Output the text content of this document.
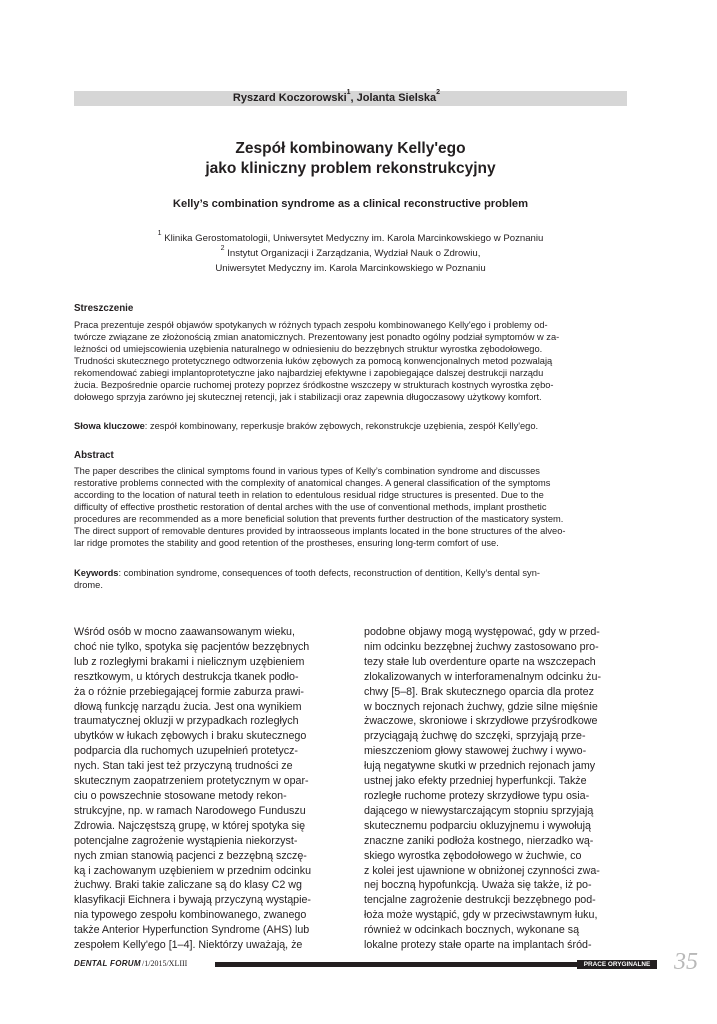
Ryszard Koczorowski$^1$, Jolanta Sielska$^2$
Zespół kombinowany Kelly'ego
jako kliniczny problem rekonstrukcyjny
Kelly’s combination syndrome as a clinical reconstructive problem
$^1$ Klinika Gerostomatologii, Uniwersytet Medyczny im. Karola Marcinkowskiego w Poznaniu
$^2$ Instytut Organizacji i Zarządzania, Wydział Nauk o Zdrowiu,
Uniwersytet Medyczny im. Karola Marcinkowskiego w Poznaniu
Streszczenie
Praca prezentuje zespół objawów spotykanych w różnych typach zespołu kombinowanego Kelly'ego i problemy od-
twórcze związane ze złożonością zmian anatomicznych. Prezentowany jest ponadto ogólny podział symptomów w za-
leżności od umiejscowienia uzębienia naturalnego w odniesieniu do bezzębnych struktur wyrostka zębodołowego.
Trudności skutecznego protetycznego odtworzenia łuków zębowych za pomocą konwencjonalnych metod pozwalają
rekomendować zabiegi implantoprotetyczne jako najbardziej efektywne i zapobiegające dalszej destrukcji narządu
żucia. Bezpośrednie oparcie ruchomej protezy poprzez śródkostne wszczepy w strukturach kostnych wyrostka zębo-
dołowego sprzyja zarówno jej skutecznej retencji, jak i stabilizacji oraz zapewnia długoczasowy użytkowy komfort.
Słowa kluczowe: zespół kombinowany, reperkusje braków zębowych, rekonstrukcje uzębienia, zespół Kelly'ego.
Abstract
The paper describes the clinical symptoms found in various types of Kelly’s combination syndrome and discusses
restorative problems connected with the complexity of anatomical changes. A general classification of the symptoms
according to the location of natural teeth in relation to edentulous residual ridge structures is presented. Due to the
difficulty of effective prosthetic restoration of dental arches with the use of conventional methods, implant prosthetic
procedures are recommended as a more beneficial solution that prevents further destruction of the masticatory system.
The direct support of removable dentures provided by intraosseous implants located in the bone structures of the alveo-
lar ridge promotes the stability and good retention of the prostheses, ensuring long-term comfort of use.
Keywords: combination syndrome, consequences of tooth defects, reconstruction of dentition, Kelly’s dental syn-
drome.
Wśród osób w mocno zaawansowanym wieku,
choć nie tylko, spotyka się pacjentów bezzębnych
lub z rozległymi brakami i nielicznym uzębieniem
resztkowym, u których destrukcja tkanek podło-
ża o różnie przebiegającej formie zaburza prawi-
dłową funkcję narządu żucia. Jest ona wynikiem
traumatycznej okluzji w przypadkach rozległych
ubytków w łukach zębowych i braku skutecznego
podparcia dla ruchomych uzupełnień protetycz-
nych. Stan taki jest też przyczyną trudności ze
skutecznym zaopatrzeniem protetycznym w opar-
ciu o powszechnie stosowane metody rekon-
strukcyjne, np. w ramach Narodowego Funduszu
Zdrowia. Najczęstszą grupę, w której spotyka się
potencjalne zagrożenie wystąpienia niekorzyst-
nych zmian stanowią pacjenci z bezzębną szczę-
ką i zachowanym uzębieniem w przednim odcinku
żuchwy. Braki takie zaliczane są do klasy C2 wg
klasyfikacji Eichnera i bywają przyczyną wystąpie-
nia typowego zespołu kombinowanego, zwanego
także Anterior Hyperfunction Syndrome (AHS) lub
zespołem Kelly'ego [1–4]. Niektórzy uważają, że
podobne objawy mogą występować, gdy w przed-
nim odcinku bezzębnej żuchwy zastosowano pro-
tezy stałe lub overdenture oparte na wszczepach
zlokalizowanych w interforamenalnym odcinku żu-
chwy [5–8]. Brak skutecznego oparcia dla protez
w bocznych rejonach żuchwy, gdzie silne mięśnie
żwaczowe, skroniowe i skrzydłowe przyśrodkowe
przyciągają żuchwę do szczęki, sprzyjają prze-
mieszczeniom głowy stawowej żuchwy i wywo-
łują negatywne skutki w przednich rejonach jamy
ustnej jako efekty przedniej hyperfunkcji. Także
rozległe ruchome protezy skrzydłowe typu osia-
dającego w niewystarczającym stopniu sprzyjają
skutecznemu podparciu okluzyjnemu i wywołują
znaczne zaniki podłoża kostnego, nierzadko wą-
skiego wyrostka zębodołowego w żuchwie, co
z kolei jest ujawnione w obniżonej czynności zwa-
nej boczną hypofunkcją. Uważa się także, iż po-
tencjalne zagrożenie destrukcji bezzębnego pod-
łoża może wystąpić, gdy w przeciwstawnym łuku,
również w odcinkach bocznych, wykonane są
lokalne protezy stałe oparte na implantach śród-
DENTAL FORUM /1/2015/XLIII	PRACE ORYGINALNE 35
